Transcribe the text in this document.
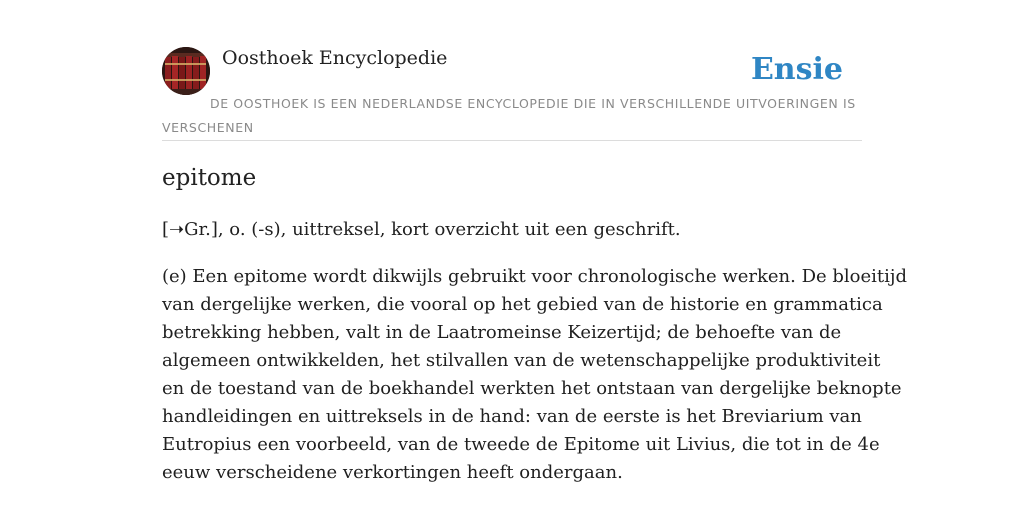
Oosthoek Encyclopedie	Ensie
DE OOSTHOEK IS EEN NEDERLANDSE ENCYCLOPEDIE DIE IN VERSCHILLENDE UITVOERINGEN IS VERSCHENEN
epitome

[➝Gr.], o. (-s), uittreksel, kort overzicht uit een geschrift.

(e) Een epitome wordt dikwijls gebruikt voor chronologische werken. De bloeitijd
van dergelijke werken, die vooral op het gebied van de historie en grammatica
betrekking hebben, valt in de Laatromeinse Keizertijd; de behoefte van de
algemeen ontwikkelden, het stilvallen van de wetenschappelijke produktiviteit
en de toestand van de boekhandel werkten het ontstaan van dergelijke beknopte
handleidingen en uittreksels in de hand: van de eerste is het Breviarium van
Eutropius een voorbeeld, van de tweede de Epitome uit Livius, die tot in de 4e
eeuw verscheidene verkortingen heeft ondergaan.
